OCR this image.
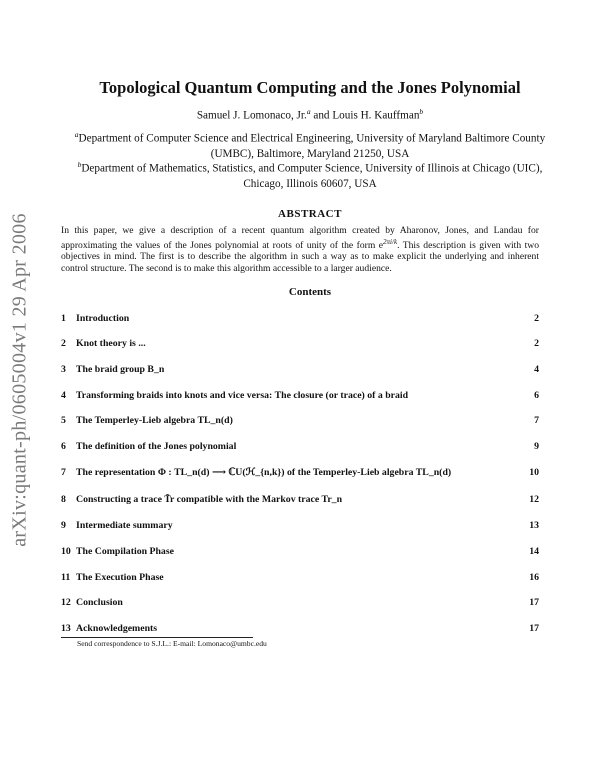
arXiv:quant-ph/0605004v1 29 Apr 2006
Topological Quantum Computing and the Jones Polynomial
Samuel J. Lomonaco, Jr.$^a$ and Louis H. Kauffman$^b$
$^a$Department of Computer Science and Electrical Engineering, University of Maryland Baltimore County (UMBC), Baltimore, Maryland 21250, USA
$^b$Department of Mathematics, Statistics, and Computer Science, University of Illinois at Chicago (UIC), Chicago, Illinois 60607, USA
ABSTRACT
In this paper, we give a description of a recent quantum algorithm created by Aharonov, Jones, and Landau for approximating the values of the Jones polynomial at roots of unity of the form $e^{2\pi i/k}$. This description is given with two objectives in mind. The first is to describe the algorithm in such a way as to make explicit the underlying and inherent control structure. The second is to make this algorithm accessible to a larger audience.
Contents
1 Introduction	2
2 Knot theory is ...	2
3 The braid group B_n	4
4 Transforming braids into knots and vice versa: The closure (or trace) of a braid	6
5 The Temperley-Lieb algebra TL_n(d)	7
6 The definition of the Jones polynomial	9
7 The representation Φ : TL_n(d) ⟶ ℂU(ℋ_{n,k}) of the Temperley-Lieb algebra TL_n(d)	10
8 Constructing a trace T̃r compatible with the Markov trace Tr_n	12
9 Intermediate summary	13
10 The Compilation Phase	14
11 The Execution Phase	16
12 Conclusion	17
13 Acknowledgements	17
Send correspondence to S.J.L.: E-mail: Lomonaco@umbc.edu
